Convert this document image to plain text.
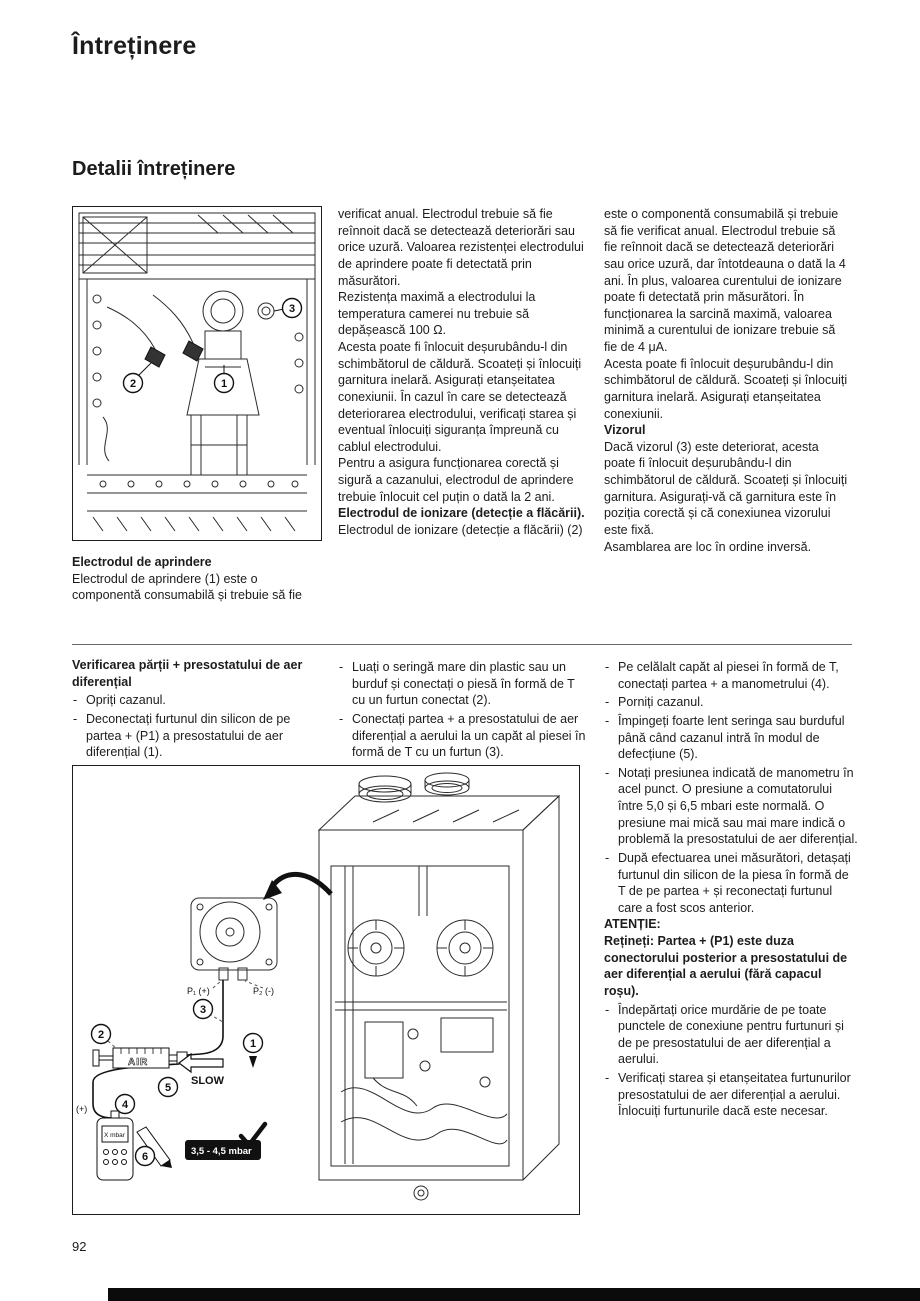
Întreținere
Detalii întreținere
3
2	1

Electrodul de aprindere

Electrodul de aprindere (1) este o componentă consumabilă și trebuie să fie

verificat anual. Electrodul trebuie să fie reînnoit dacă se detectează deteriorări sau orice uzură. Valoarea rezistenței electrodului de aprindere poate fi detectată prin măsurători.

Rezistența maximă a electrodului la temperatura camerei nu trebuie să depășească 100 Ω.

Acesta poate fi înlocuit deșurubându-l din schimbătorul de căldură. Scoateți și înlocuiți garnitura inelară. Asigurați etanșeitatea conexiunii. În cazul în care se detectează deteriorarea electrodului, verificați starea și eventual înlocuiți siguranța împreună cu cablul electrodului.

Pentru a asigura funcționarea corectă și sigură a cazanului, electrodul de aprindere trebuie înlocuit cel puțin o dată la 2 ani.

Electrodul de ionizare (detecție a flăcării).

Electrodul de ionizare (detecție a flăcării) (2)

este o componentă consumabilă și trebuie să fie verificat anual. Electrodul trebuie să fie reînnoit dacă se detectează deteriorări sau orice uzură, dar întotdeauna o dată la 4 ani. În plus, valoarea curentului de ionizare poate fi detectată prin măsurători. În funcționarea la sarcină maximă, valoarea minimă a curentului de ionizare trebuie să fie de 4 μA.

Acesta poate fi înlocuit deșurubându-l din schimbătorul de căldură. Scoateți și înlocuiți garnitura inelară. Asigurați etanșeitatea conexiunii.

Vizorul

Dacă vizorul (3) este deteriorat, acesta poate fi înlocuit deșurubându-l din schimbătorul de căldură. Scoateți și înlocuiți garnitura. Asigurați-vă că garnitura este în poziția corectă și că conexiunea vizorului este fixă.

Asamblarea are loc în ordine inversă.

Verificarea părții + presostatului de aer diferențial

- Opriți cazanul.
- Deconectați furtunul din silicon de pe partea + (P1) a presostatului de aer diferențial (1).
- Luați o seringă mare din plastic sau un burduf și conectați o piesă în formă de T cu un furtun conectat (2).
- Conectați partea + a presostatului de aer diferențial a aerului la un capăt al piesei în formă de T cu un furtun (3).
- Pe celălalt capăt al piesei în formă de T, conectați partea + a manometrului (4).
- Porniți cazanul.
- Împingeți foarte lent seringa sau burduful până când cazanul intră în modul de defecțiune (5).
- Notați presiunea indicată de manometru în acel punct. O presiune a comutatorului între 5,0 și 6,5 mbari este normală. O presiune mai mică sau mai mare indică o problemă la presostatului de aer diferențial.
- După efectuarea unei măsurători, detașați furtunul din silicon de la piesa în formă de T de pe partea + și reconectați furtunul care a fost scos anterior.

ATENȚIE:

Rețineți: Partea + (P1) este duza conectorului posterior a presostatului de aer diferențial a aerului (fără capacul roșu).

- Îndepărtați orice murdărie de pe toate punctele de conexiune pentru furtunuri și de pe presostatului de aer diferențial a aerului.
- Verificați starea și etanșeitatea furtunurilor presostatului de aer diferențial a aerului. Înlocuiți furtunurile dacă este necesar.
P₁ (+)	P₂ (-)
AIR
SLOW
(+)
X mbar
3,5 - 4,5 mbar
1
2
3
4
5
6
92
